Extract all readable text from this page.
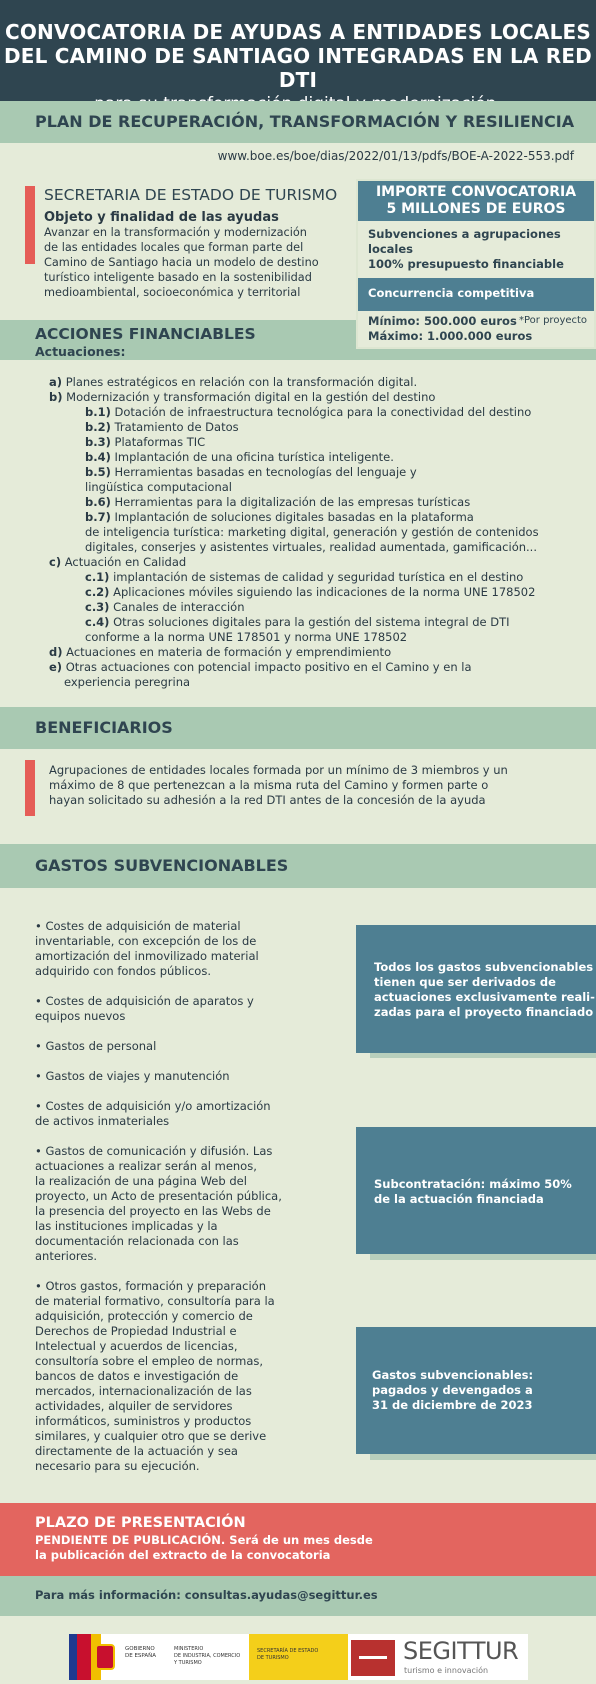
CONVOCATORIA DE AYUDAS A ENTIDADES LOCALES
DEL CAMINO DE SANTIAGO INTEGRADAS EN LA RED DTI
PLAN DE RECUPERACIÓN, TRANSFORMACIÓN Y RESILIENCIA
www.boe.es/boe/dias/2022/01/13/pdfs/BOE-A-2022-553.pdf
SECRETARIA DE ESTADO DE TURISMO
Objeto y finalidad de las ayudas
Avanzar en la transformación y modernización
de las entidades locales que forman parte del
Camino de Santiago hacia un modelo de destino
turístico inteligente basado en la sostenibilidad
medioambiental, socioeconómica y territorial
ACCIONES FINANCIABLES
Actuaciones:
IMPORTE CONVOCATORIA
5 MILLONES DE EUROS
Subvenciones a agrupaciones locales
100% presupuesto financiable
Concurrencia competitiva
Mínimo: 500.000 euros *Por proyecto
Máximo: 1.000.000 euros
a) Planes estratégicos en relación con la transformación digital.
b) Modernización y transformación digital en la gestión del destino
b.1) Dotación de infraestructura tecnológica para la conectividad del destino
b.2) Tratamiento de Datos
b.3) Plataformas TIC
b.4) Implantación de una oficina turística inteligente.
b.5) Herramientas basadas en tecnologías del lenguaje y
lingüística computacional
b.6) Herramientas para la digitalización de las empresas turísticas
b.7) Implantación de soluciones digitales basadas en la plataforma
de inteligencia turística: marketing digital, generación y gestión de contenidos
digitales, conserjes y asistentes virtuales, realidad aumentada, gamificación...
c) Actuación en Calidad
c.1) implantación de sistemas de calidad y seguridad turística en el destino
c.2) Aplicaciones móviles siguiendo las indicaciones de la norma UNE 178502
c.3) Canales de interacción
c.4) Otras soluciones digitales para la gestión del sistema integral de DTI
conforme a la norma UNE 178501 y norma UNE 178502
d) Actuaciones en materia de formación y emprendimiento
e) Otras actuaciones con potencial impacto positivo en el Camino y en la
experiencia peregrina
BENEFICIARIOS
Agrupaciones de entidades locales formada por un mínimo de 3 miembros y un
máximo de 8 que pertenezcan a la misma ruta del Camino y formen parte o
hayan solicitado su adhesión a la red DTI antes de la concesión de la ayuda
GASTOS SUBVENCIONABLES
• Costes de adquisición de material
inventariable, con excepción de los de
amortización del inmovilizado material
adquirido con fondos públicos.
• Costes de adquisición de aparatos y
equipos nuevos
• Gastos de personal
• Gastos de viajes y manutención
• Costes de adquisición y/o amortización
de activos inmateriales
• Gastos de comunicación y difusión. Las
actuaciones a realizar serán al menos,
la realización de una página Web del
proyecto, un Acto de presentación pública,
la presencia del proyecto en las Webs de
las instituciones implicadas y la
documentación relacionada con las
anteriores.
• Otros gastos, formación y preparación
de material formativo, consultoría para la
adquisición, protección y comercio de
Derechos de Propiedad Industrial e
Intelectual y acuerdos de licencias,
consultoría sobre el empleo de normas,
bancos de datos e investigación de
mercados, internacionalización de las
actividades, alquiler de servidores
informáticos, suministros y productos
similares, y cualquier otro que se derive
directamente de la actuación y sea
necesario para su ejecución.
Todos los gastos subvencionables
tienen que ser derivados de
actuaciones exclusivamente reali-
zadas para el proyecto financiado
Subcontratación: máximo 50%
de la actuación financiada
Gastos subvencionables:
pagados y devengados a
31 de diciembre de 2023
PLAZO DE PRESENTACIÓN
PENDIENTE DE PUBLICACIÓN. Será de un mes desde
la publicación del extracto de la convocatoria
Para más información: consultas.ayudas@segittur.es
GOBIERNO
DE ESPAÑA
MINISTERIO
DE INDUSTRIA, COMERCIO
Y TURISMO
SECRETARÍA DE ESTADO
DE TURISMO	SEGITTUR
turismo e innovación
